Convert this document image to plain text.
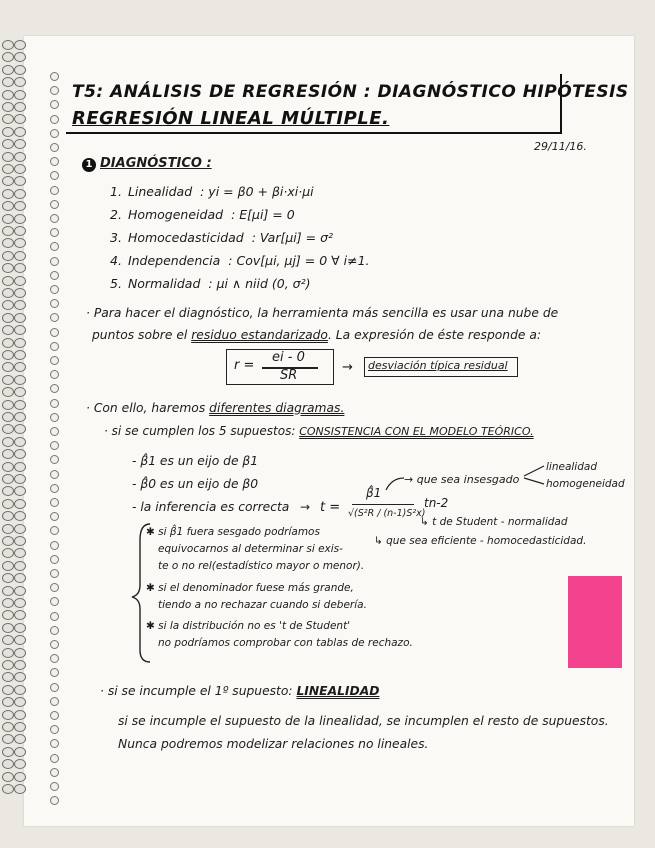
T5: ANÁLISIS DE REGRESIÓN : DIAGNÓSTICO HIPÓTESIS
REGRESIÓN LINEAL MÚLTIPLE.
29/11/16.
1 DIAGNÓSTICO :
1. Linealidad : yi = β0 + βi·xi·μi
2. Homogeneidad : E[μi] = 0
3. Homocedasticidad : Var[μi] = σ²
4. Independencia : Cov[μi, μj] = 0 ∀ i≠1.
5. Normalidad : μi ∧ niid (0, σ²)
· Para hacer el diagnóstico, la herramienta más sencilla es usar una nube de
puntos sobre el residuo estandarizado. La expresión de éste responde a:
r =
ei - 0
SR
→ desviación típica residual
· Con ello, haremos diferentes diagramas.
· si se cumplen los 5 supuestos: CONSISTENCIA CON EL MODELO TEÓRICO.
- β̂1 es un eijo de β1
- β̂0 es un eijo de β0
- la inferencia es correcta → t =
β̂1
√(S²R / (n-1)S²x)
tn-2
→ que sea insesgado
linealidad
homogeneidad
↳ t de Student - normalidad
↳ que sea eficiente - homocedasticidad.
✱ si β̂1 fuera sesgado podríamos
equivocarnos al determinar si exis-
te o no rel(estadístico mayor o menor).
✱ si el denominador fuese más grande,
tiendo a no rechazar cuando si debería.
✱ si la distribución no es 't de Student'
no podríamos comprobar con tablas de rechazo.
· si se incumple el 1º supuesto: LINEALIDAD
si se incumple el supuesto de la linealidad, se incumplen el resto de supuestos.
Nunca podremos modelizar relaciones no lineales.
